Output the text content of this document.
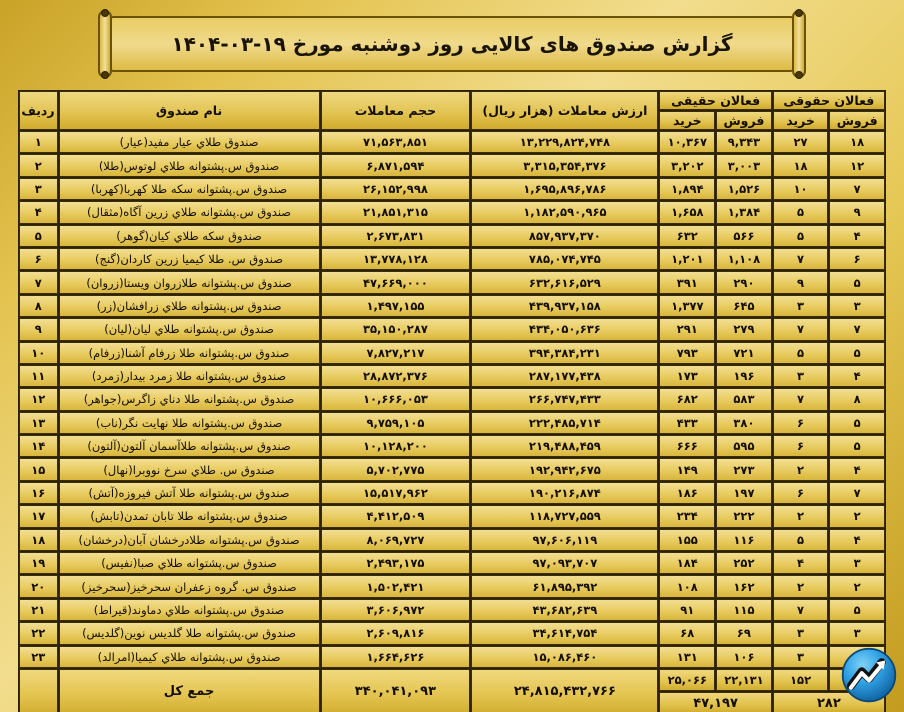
گزارش صندوق های کالایی روز دوشنبه مورخ ۱۹-۰۳-۱۴۰۴
فعالان حقوقی		فعالان حقیقی		ارزش معاملات (هزار ریال)	حجم معاملات	نام صندوق	ردیف
فروش	خرید	فروش	خرید				
۱۸	۲۷	۹,۳۴۳	۱۰,۳۶۷	۱۳,۲۲۹,۸۲۴,۷۴۸	۷۱,۵۶۳,۸۵۱	صندوق طلاي عيار مفيد(عيار)	۱
۱۲	۱۸	۳,۰۰۳	۳,۲۰۲	۳,۳۱۵,۳۵۴,۳۷۶	۶,۸۷۱,۵۹۴	صندوق س.پشتوانه طلاي لوتوس(طلا)	۲
۷	۱۰	۱,۵۲۶	۱,۸۹۴	۱,۶۹۵,۸۹۶,۷۸۶	۲۶,۱۵۲,۹۹۸	صندوق س.پشتوانه سكه طلا كهربا(كهربا)	۳
۹	۵	۱,۳۸۴	۱,۶۵۸	۱,۱۸۲,۵۹۰,۹۶۵	۲۱,۸۵۱,۳۱۵	صندوق س.پشتوانه طلاي زرين آگاه(مثقال)	۴
۴	۵	۵۶۶	۶۳۲	۸۵۷,۹۳۷,۳۷۰	۲,۶۷۳,۸۳۱	صندوق سكه طلاي كيان(گوهر)	۵
۶	۷	۱,۱۰۸	۱,۲۰۱	۷۸۵,۰۷۴,۷۴۵	۱۳,۷۷۸,۱۲۸	صندوق س. طلا كيميا زرين كاردان(گنج)	۶
۵	۹	۲۹۰	۳۹۱	۶۳۲,۶۱۶,۵۲۹	۴۷,۶۶۹,۰۰۰	صندوق س.پشتوانه طلازروان ويستا(زروان)	۷
۳	۳	۶۴۵	۱,۳۷۷	۴۳۹,۹۳۷,۱۵۸	۱,۴۹۷,۱۵۵	صندوق س.پشتوانه طلاي زرافشان(زر)	۸
۷	۷	۲۷۹	۲۹۱	۴۳۴,۰۵۰,۶۳۶	۳۵,۱۵۰,۲۸۷	صندوق س.پشتوانه طلاي ليان(ليان)	۹
۵	۵	۷۲۱	۷۹۳	۳۹۴,۳۸۴,۲۳۱	۷,۸۲۷,۲۱۷	صندوق س.پشتوانه طلا زرفام آشنا(زرفام)	۱۰
۴	۳	۱۹۶	۱۷۳	۲۸۷,۱۷۷,۴۳۸	۲۸,۸۷۲,۳۷۶	صندوق س.پشتوانه طلا زمرد بيدار(زمرد)	۱۱
۸	۷	۵۸۳	۶۸۲	۲۶۶,۷۴۷,۴۳۳	۱۰,۶۶۶,۰۵۳	صندوق س.پشتوانه طلا دناي زاگرس(جواهر)	۱۲
۵	۶	۳۸۰	۴۳۳	۲۲۲,۴۸۵,۷۱۴	۹,۷۵۹,۱۰۵	صندوق س.پشتوانه طلا نهايت نگر(ناب)	۱۳
۵	۶	۵۹۵	۶۶۶	۲۱۹,۴۸۸,۴۵۹	۱۰,۱۲۸,۲۰۰	صندوق س.پشتوانه طلاآسمان آلتون(آلتون)	۱۴
۴	۲	۲۷۳	۱۴۹	۱۹۲,۹۴۲,۶۷۵	۵,۷۰۲,۷۷۵	صندوق س. طلاي سرخ نووبرا(نهال)	۱۵
۷	۶	۱۹۷	۱۸۶	۱۹۰,۲۱۶,۸۷۴	۱۵,۵۱۷,۹۶۲	صندوق س.پشتوانه طلا آتش فيروزه(آتش)	۱۶
۲	۲	۲۲۲	۲۳۴	۱۱۸,۷۲۷,۵۵۹	۴,۴۱۲,۵۰۹	صندوق س.پشتوانه طلا تابان تمدن(تابش)	۱۷
۴	۵	۱۱۶	۱۵۵	۹۷,۶۰۶,۱۱۹	۸,۰۶۹,۷۲۷	صندوق س.پشتوانه طلادرخشان آبان(درخشان)	۱۸
۳	۴	۲۵۲	۱۸۴	۹۷,۰۹۳,۷۰۷	۲,۴۹۳,۱۷۵	صندوق س.پشتوانه طلاي صبا(نفيس)	۱۹
۲	۲	۱۶۲	۱۰۸	۶۱,۸۹۵,۳۹۲	۱,۵۰۲,۴۲۱	صندوق س. گروه زعفران سحرخيز(سحرخيز)	۲۰
۵	۷	۱۱۵	۹۱	۴۳,۶۸۲,۶۳۹	۳,۶۰۶,۹۷۲	صندوق س.پشتوانه طلاي دماوند(قيراط)	۲۱
۳	۳	۶۹	۶۸	۳۴,۶۱۴,۷۵۴	۲,۶۰۹,۸۱۶	صندوق س.پشتوانه طلا گلديس نوين(گلديس)	۲۲
	۳	۱۰۶	۱۳۱	۱۵,۰۸۶,۴۶۰	۱,۶۶۴,۶۲۶	صندوق س.پشتوانه طلاي كيميا(امرالد)	۲۳
	۱۵۲	۲۲,۱۳۱	۲۵,۰۶۶	۲۴,۸۱۵,۴۳۲,۷۶۶	۳۴۰,۰۴۱,۰۹۳	جمع كل	
۲۸۲		۴۷,۱۹۷					
